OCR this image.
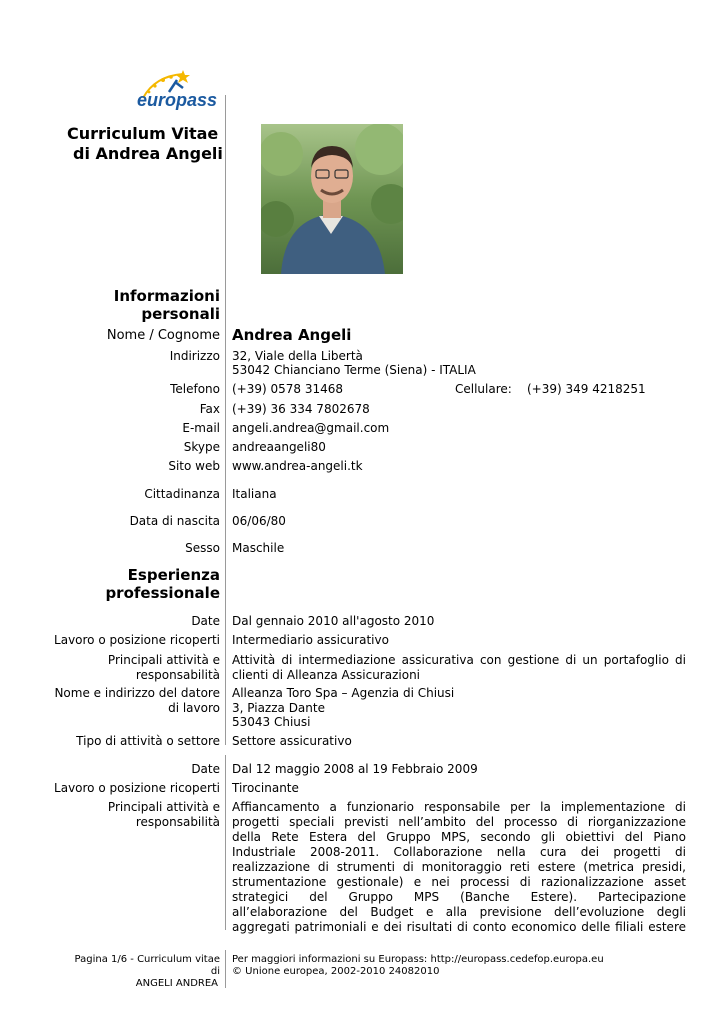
europass
Curriculum Vitae
di Andrea Angeli
Informazioni
personali
Nome / Cognome Andrea Angeli
Indirizzo 32, Viale della Libertà
53042 Chianciano Terme (Siena) - ITALIA
Telefono (+39) 0578 31468	Cellulare: (+39) 349 4218251
Fax (+39) 36 334 7802678
E-mail angeli.andrea@gmail.com
Skype andreaangeli80
Sito web www.andrea-angeli.tk
Cittadinanza Italiana
Data di nascita 06/06/80
Sesso Maschile
Esperienza
professionale
Date Dal gennaio 2010 all'agosto 2010
Lavoro o posizione ricoperti Intermediario assicurativo
Principali attività e
responsabilità
Attività di intermediazione assicurativa con gestione di un portafoglio di
clienti di Alleanza Assicurazioni
Nome e indirizzo del datore
di lavoro
Alleanza Toro Spa – Agenzia di Chiusi
3, Piazza Dante
53043 Chiusi
Tipo di attività o settore Settore assicurativo
Date Dal 12 maggio 2008 al 19 Febbraio 2009
Lavoro o posizione ricoperti Tirocinante
Principali attività e
responsabilità
Affiancamento a funzionario responsabile per la implementazione di
progetti speciali previsti nell’ambito del processo di riorganizzazione
della Rete Estera del Gruppo MPS, secondo gli obiettivi del Piano
Industriale 2008-2011. Collaborazione nella cura dei progetti di
realizzazione di strumenti di monitoraggio reti estere (metrica presidi,
strumentazione gestionale) e nei processi di razionalizzazione asset
strategici del Gruppo MPS (Banche Estere). Partecipazione
all’elaborazione del Budget e alla previsione dell’evoluzione degli
aggregati patrimoniali e dei risultati di conto economico delle filiali estere
Pagina 1/6 - Curriculum vitae
di
ANGELI ANDREA
Per maggiori informazioni su Europass: http://europass.cedefop.europa.eu
© Unione europea, 2002-2010 24082010
